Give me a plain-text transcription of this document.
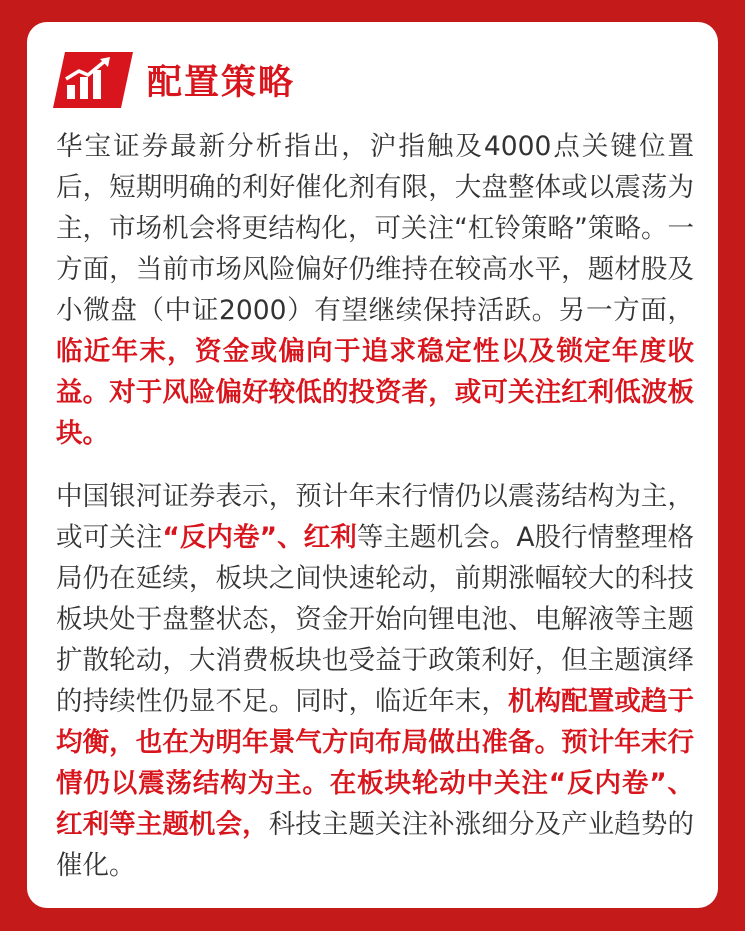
配置策略

华宝证券最新分析指出，沪指触及4000点关键位置后，短期明确的利好催化剂有限，大盘整体或以震荡为主，市场机会将更结构化，可关注“杠铃策略”策略。一方面，当前市场风险偏好仍维持在较高水平，题材股及小微盘（中证2000）有望继续保持活跃。另一方面，临近年末，资金或偏向于追求稳定性以及锁定年度收益。对于风险偏好较低的投资者，或可关注红利低波板块。

中国银河证券表示，预计年末行情仍以震荡结构为主，或可关注“反内卷”、红利等主题机会。A股行情整理格局仍在延续，板块之间快速轮动，前期涨幅较大的科技板块处于盘整状态，资金开始向锂电池、电解液等主题扩散轮动，大消费板块也受益于政策利好，但主题演绎的持续性仍显不足。同时，临近年末，机构配置或趋于均衡，也在为明年景气方向布局做出准备。预计年末行情仍以震荡结构为主。在板块轮动中关注“反内卷”、红利等主题机会，科技主题关注补涨细分及产业趋势的催化。
